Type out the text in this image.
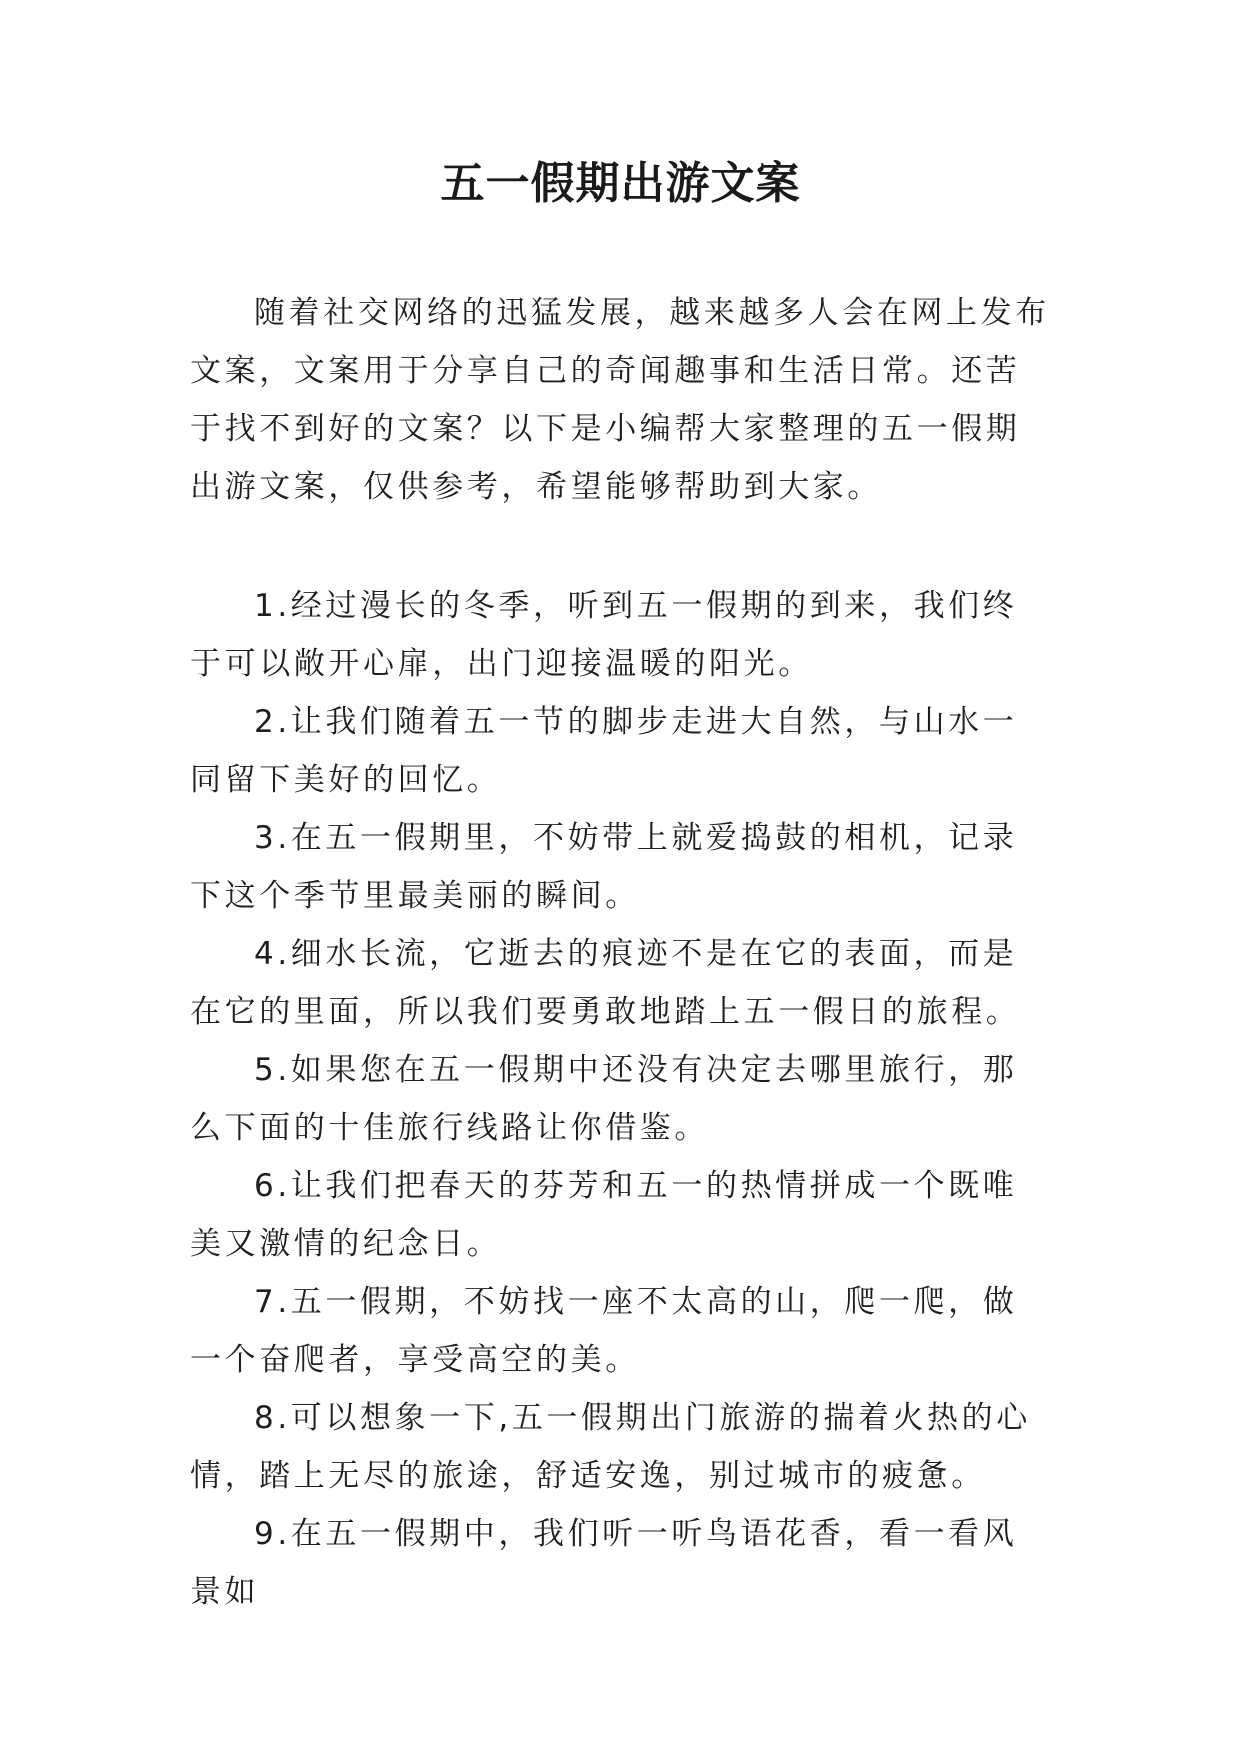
五一假期出游文案

随着社交网络的迅猛发展，越来越多人会在网上发布文案，文案用于分享自己的奇闻趣事和生活日常。还苦于找不到好的文案？以下是小编帮大家整理的五一假期出游文案，仅供参考，希望能够帮助到大家。

1.经过漫长的冬季，听到五一假期的到来，我们终于可以敞开心扉，出门迎接温暖的阳光。

2.让我们随着五一节的脚步走进大自然，与山水一同留下美好的回忆。

3.在五一假期里，不妨带上就爱捣鼓的相机，记录下这个季节里最美丽的瞬间。

4.细水长流，它逝去的痕迹不是在它的表面，而是在它的里面，所以我们要勇敢地踏上五一假日的旅程。

5.如果您在五一假期中还没有决定去哪里旅行，那么下面的十佳旅行线路让你借鉴。

6.让我们把春天的芬芳和五一的热情拼成一个既唯美又激情的纪念日。

7.五一假期，不妨找一座不太高的山，爬一爬，做一个奋爬者，享受高空的美。

8.可以想象一下,五一假期出门旅游的揣着火热的心情，踏上无尽的旅途，舒适安逸，别过城市的疲惫。

9.在五一假期中，我们听一听鸟语花香，看一看风景如
